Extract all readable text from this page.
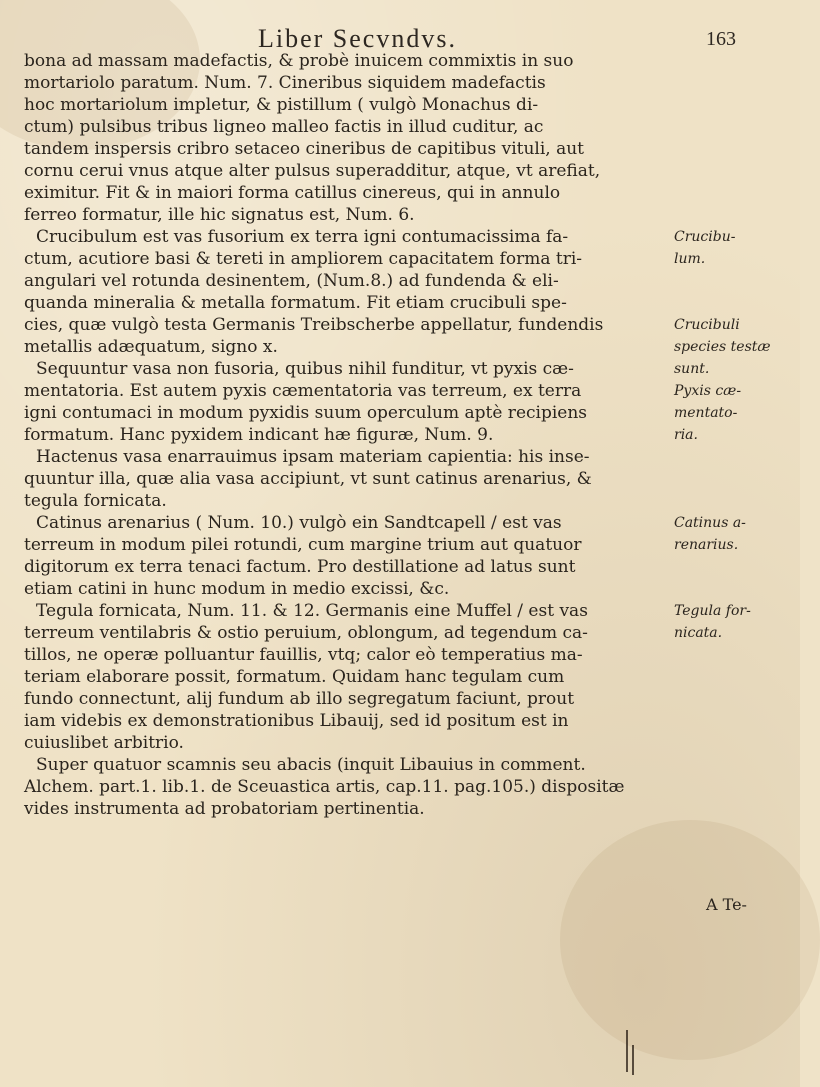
Liber Secvndvs.	163
bona ad massam madefactis, & probè inuicem commixtis in suo
mortariolo paratum. Num. 7. Cineribus siquidem madefactis
hoc mortariolum impletur, & pistillum ( vulgò Monachus di-
ctum) pulsibus tribus ligneo malleo factis in illud cuditur, ac
tandem inspersis cribro setaceo cineribus de capitibus vituli, aut
cornu cerui vnus atque alter pulsus superadditur, atque, vt arefiat,
eximitur. Fit & in maiori forma catillus cinereus, qui in annulo
ferreo formatur, ille hic signatus est, Num. 6.
Crucibulum est vas fusorium ex terra igni contumacissima fa-
ctum, acutiore basi & tereti in ampliorem capacitatem forma tri-
angulari vel rotunda desinentem, (Num.8.) ad fundenda & eli-
quanda mineralia & metalla formatum. Fit etiam crucibuli spe-
cies, quæ vulgò testa Germanis Treibscherbe appellatur, fundendis
metallis adæquatum, signo x.
Sequuntur vasa non fusoria, quibus nihil funditur, vt pyxis cæ-
mentatoria. Est autem pyxis cæmentatoria vas terreum, ex terra
igni contumaci in modum pyxidis suum operculum aptè recipiens
formatum. Hanc pyxidem indicant hæ figuræ, Num. 9.
Hactenus vasa enarrauimus ipsam materiam capientia: his inse-
quuntur illa, quæ alia vasa accipiunt, vt sunt catinus arenarius, &
tegula fornicata.
Catinus arenarius ( Num. 10.) vulgò ein Sandtcapell / est vas
terreum in modum pilei rotundi, cum margine trium aut quatuor
digitorum ex terra tenaci factum. Pro destillatione ad latus sunt
etiam catini in hunc modum in medio excissi, &c.
Tegula fornicata, Num. 11. & 12. Germanis eine Muffel / est vas
terreum ventilabris & ostio peruium, oblongum, ad tegendum ca-
tillos, ne operæ polluantur fauillis, vtq; calor eò temperatius ma-
teriam elaborare possit, formatum. Quidam hanc tegulam cum
fundo connectunt, alij fundum ab illo segregatum faciunt, prout
iam videbis ex demonstrationibus Libauij, sed id positum est in
cuiuslibet arbitrio.
Super quatuor scamnis seu abacis (inquit Libauius in comment.
Alchem. part.1. lib.1. de Sceuastica artis, cap.11. pag.105.) dispositæ
vides instrumenta ad probatoriam pertinentia.
Crucibu-
lum.
Crucibuli
species testæ
sunt.
Pyxis cæ-
mentato-
ria.
Catinus a-
renarius.
Tegula for-
nicata.
A Te-
